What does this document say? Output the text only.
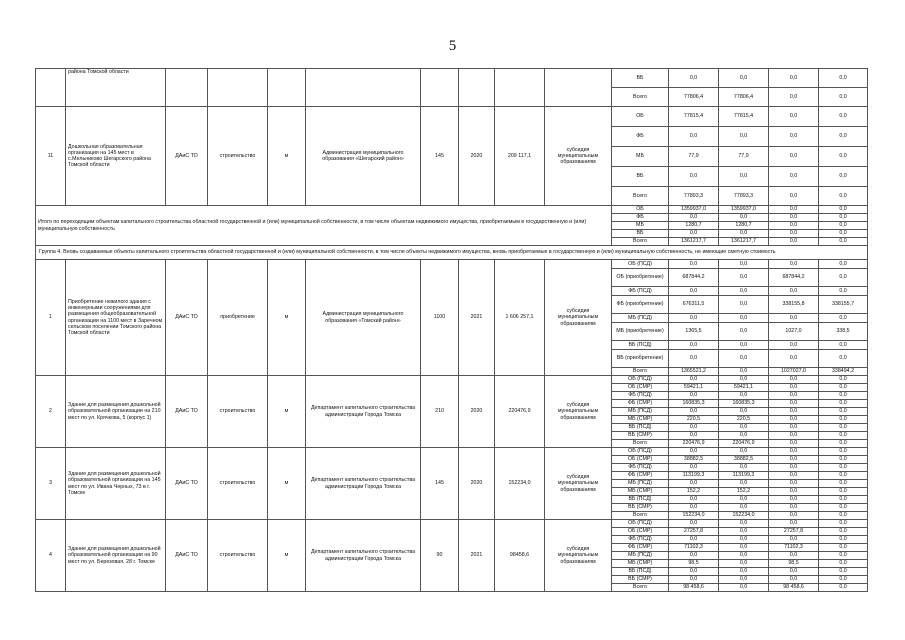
5
	района Томской области									ВБ	0,0	0,0	0,0	0,0
										Всего	77806,4	77806,4	0,0	0,0
11	Дошкольная образовательная организация на 145 мест в с.Мельниково Шегарского района Томской области	ДАиС ТО	строительство	м	Администрация муниципального образования «Шегарский район»	145	2020	209 117,1	субсидия муниципальным образованиям	ОБ	77815,4	77815,4	0,0	0,0
										ФБ	0,0	0,0	0,0	0,0
										МБ	77,9	77,9	0,0	0,0
										ВБ	0,0	0,0	0,0	0,0
										Всего	77893,3	77893,3	0,0	0,0
Итого по переходящим объектам капитального строительства областной государственной и (или) муниципальной собственности, в том числе объектам недвижимого имущества, приобретаемым в государственную и (или) муниципальную собственность										ОБ	1359937,0	1359937,0	0,0	0,0
										ФБ	0,0	0,0	0,0	0,0
										МБ	1280,7	1280,7	0,0	0,0
										ВБ	0,0	0,0	0,0	0,0
										Всего	1361217,7	1361217,7	0,0	0,0
Группа 4. Вновь создаваемые объекты капитального строительства областной государственной и (или) муниципальной собственности, в том числе объекты недвижимого имущества, вновь приобретаемые в государственную и (или) муниципальную собственность, не имеющие сметную стоимость														
1	Приобретение нежилого здания с инженерными сооружениями для размещения общеобразовательной организации на 1100 мест в Заречном сельском поселении Томского района Томской области	ДАиС ТО	приобретение	м	Администрация муниципального образования «Томский район»	1100	2021	1 606 257,1	субсидия муниципальным образованиям	ОБ (ПСД)	0,0	0,0	0,0	0,0
										ОБ (приобретение)	687844,2	0,0	687844,2	0,0
										ФБ (ПСД)	0,0	0,0	0,0	0,0
										ФБ (приобретение)	676311,5	0,0	338155,8	338155,7
										МБ (ПСД)	0,0	0,0	0,0	0,0
										МБ (приобретение)	1365,5	0,0	1027,0	338,5
										ВБ (ПСД)	0,0	0,0	0,0	0,0
										ВБ (приобретение)	0,0	0,0	0,0	0,0
										Всего	1365521,2	0,0	1027027,0	338494,2
2	Здание для размещения дошкольной образовательной организации на 210 мест по ул. Крячкова, 5 (корпус 1)	ДАиС ТО	строительство	м	Департамент капитального строительства администрации Города Томска	210	2020	220476,9	субсидия муниципальным образованиям	ОБ (ПСД)	0,0	0,0	0,0	0,0
										ОБ (СМР)	59421,1	59421,1	0,0	0,0
										ФБ (ПСД)	0,0	0,0	0,0	0,0
										ФБ (СМР)	160835,3	160835,3	0,0	0,0
										МБ (ПСД)	0,0	0,0	0,0	0,0
										МБ (СМР)	220,5	220,5	0,0	0,0
										ВБ (ПСД)	0,0	0,0	0,0	0,0
										ВБ (СМР)	0,0	0,0	0,0	0,0
										Всего	220476,9	220476,9	0,0	0,0
3	Здание для размещения дошкольной образовательной организации на 145 мест по ул. Ивана Черных, 73 в г. Томске	ДАиС ТО	строительство	м	Департамент капитального строительства администрации Города Томска	145	2020	152234,0	субсидия муниципальным образованиям	ОБ (ПСД)	0,0	0,0	0,0	0,0
										ОБ (СМР)	38882,5	38882,5	0,0	0,0
										ФБ (ПСД)	0,0	0,0	0,0	0,0
										ФБ (СМР)	113199,3	113199,3	0,0	0,0
										МБ (ПСД)	0,0	0,0	0,0	0,0
										МБ (СМР)	152,2	152,2	0,0	0,0
										ВБ (ПСД)	0,0	0,0	0,0	0,0
										ВБ (СМР)	0,0	0,0	0,0	0,0
										Всего	152234,0	152234,0	0,0	0,0
4	Здание для размещения дошкольной образовательной организации на 90 мест по ул. Березовая, 28 г. Томске	ДАиС ТО	строительство	м	Департамент капитального строительства администрации Города Томска	90	2021	98458,6	субсидия муниципальным образованиям	ОБ (ПСД)	0,0	0,0	0,0	0,0
										ОБ (СМР)	27257,8	0,0	27257,8	0,0
										ФБ (ПСД)	0,0	0,0	0,0	0,0
										ФБ (СМР)	71102,3	0,0	71102,3	0,0
										МБ (ПСД)	0,0	0,0	0,0	0,0
										МБ (СМР)	98,5	0,0	98,5	0,0
										ВБ (ПСД)	0,0	0,0	0,0	0,0
										ВБ (СМР)	0,0	0,0	0,0	0,0
										Всего	98 458,6	0,0	98 458,6	0,0
